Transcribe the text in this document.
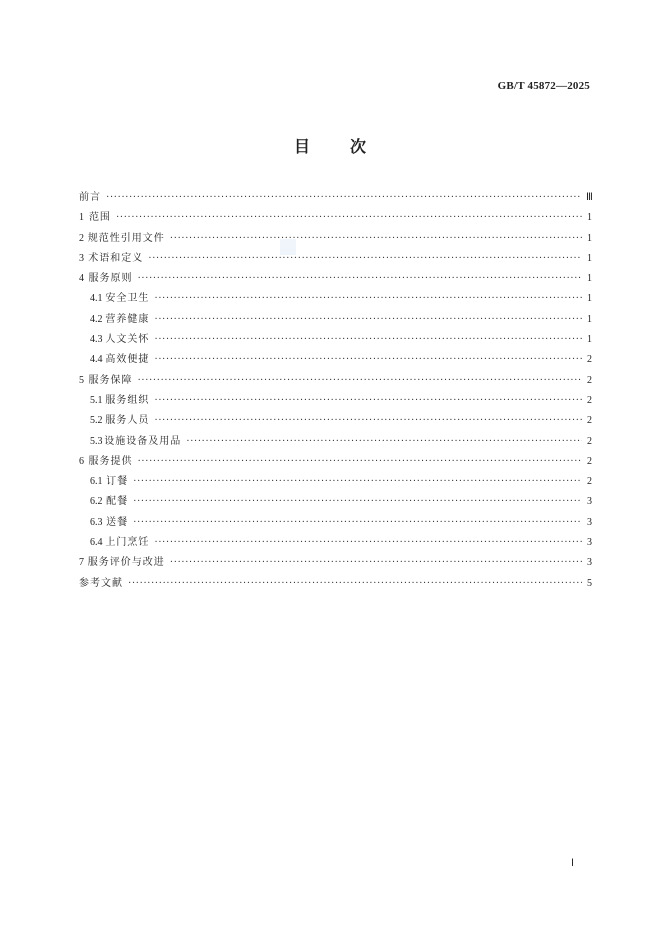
GB/T 45872—2025
目 次
前言 ·····	Ⅲ
1 范围 ·····	1
2 规范性引用文件 ·····	1
3 术语和定义 ·····	1
4 服务原则 ·····	1
4.1 安全卫生 ·····	1
4.2 营养健康 ·····	1
4.3 人文关怀 ·····	1
4.4 高效便捷 ·····	2
5 服务保障 ·····	2
5.1 服务组织 ·····	2
5.2 服务人员 ·····	2
5.3 设施设备及用品 ·····	2
6 服务提供 ·····	2
6.1 订餐 ·····	2
6.2 配餐 ·····	3
6.3 送餐 ·····	3
6.4 上门烹饪 ·····	3
7 服务评价与改进 ·····	3
参考文献 ·····	5
Ⅰ
